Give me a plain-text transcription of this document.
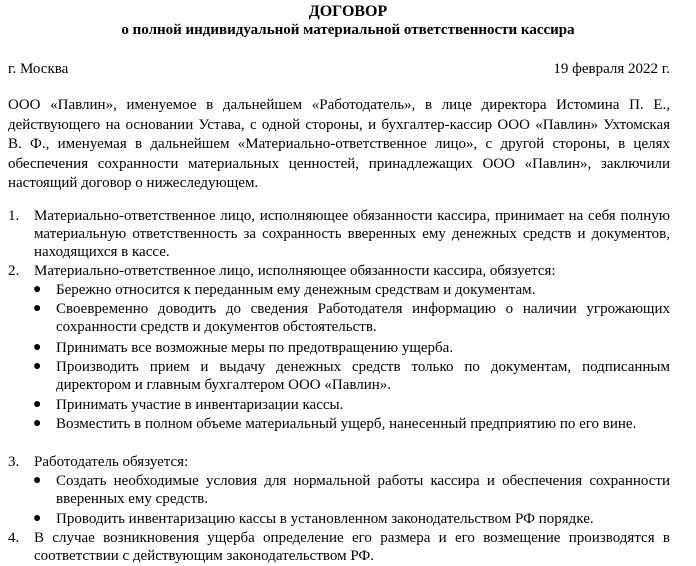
ДОГОВОР
о полной индивидуальной материальной ответственности кассира
г. Москва	19 февраля 2022 г.
ООО «Павлин», именуемое в дальнейшем «Работодатель», в лице директора Истомина П. Е., действующего на основании Устава, с одной стороны, и бухгалтер-кассир ООО «Павлин» Ухтомская В. Ф., именуемая в дальнейшем «Материально-ответственное лицо», с другой стороны, в целях обеспечения сохранности материальных ценностей, принадлежащих ООО «Павлин», заключили настоящий договор о нижеследующем.
1. Материально-ответственное лицо, исполняющее обязанности кассира, принимает на себя полную материальную ответственность за сохранность вверенных ему денежных средств и документов, находящихся в кассе.
2. Материально-ответственное лицо, исполняющее обязанности кассира, обязуется:
● Бережно относится к переданным ему денежным средствам и документам.
● Своевременно доводить до сведения Работодателя информацию о наличии угрожающих сохранности средств и документов обстоятельств.
● Принимать все возможные меры по предотвращению ущерба.
● Производить прием и выдачу денежных средств только по документам, подписанным директором и главным бухгалтером ООО «Павлин».
● Принимать участие в инвентаризации кассы.
● Возместить в полном объеме материальный ущерб, нанесенный предприятию по его вине.
3. Работодатель обязуется:
● Создать необходимые условия для нормальной работы кассира и обеспечения сохранности вверенных ему средств.
● Проводить инвентаризацию кассы в установленном законодательством РФ порядке.
4. В случае возникновения ущерба определение его размера и его возмещение производятся в соответствии с действующим законодательством РФ.
